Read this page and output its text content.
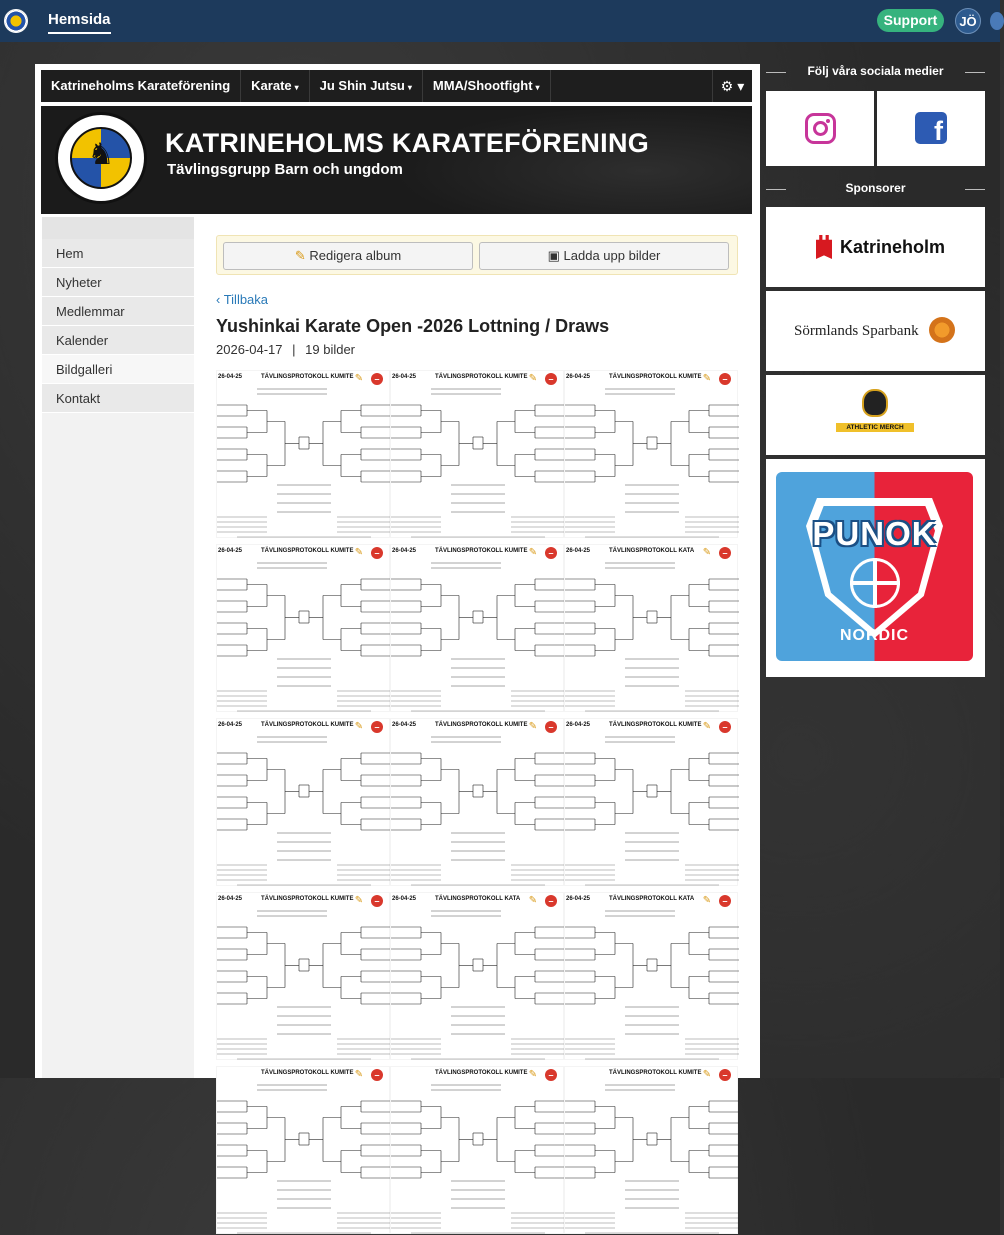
Hemsida	Support	JÖ
Katrineholms Karateförening	Karate ▾	Ju Shin Jutsu ▾	MMA/Shootfight ▾	⚙ ▾
♞ KATRINEHOLMS KARATEFÖRENING
Tävlingsgrupp Barn och ungdom
Hem
Nyheter
Medlemmar
Kalender
Bildgalleri
Kontakt
✎ Redigera album	▣ Ladda upp bilder
‹ Tillbaka
Yushinkai Karate Open -2026 Lottning / Draws
2026-04-17 | 19 bilder
26-04-25	TÄVLINGSPROTOKOLL KUMITE ✎	–	26-04-25	TÄVLINGSPROTOKOLL KUMITE ✎	–	26-04-25	TÄVLINGSPROTOKOLL KUMITE ✎	–
26-04-25	TÄVLINGSPROTOKOLL KUMITE ✎	–	26-04-25	TÄVLINGSPROTOKOLL KUMITE ✎	–	26-04-25	TÄVLINGSPROTOKOLL KATA ✎	–
26-04-25	TÄVLINGSPROTOKOLL KUMITE ✎	–	26-04-25	TÄVLINGSPROTOKOLL KUMITE ✎	–	26-04-25	TÄVLINGSPROTOKOLL KUMITE ✎	–
26-04-25	TÄVLINGSPROTOKOLL KUMITE ✎	–	26-04-25	TÄVLINGSPROTOKOLL KATA ✎	–	26-04-25	TÄVLINGSPROTOKOLL KATA ✎	–
TÄVLINGSPROTOKOLL KUMITE ✎	–	TÄVLINGSPROTOKOLL KUMITE ✎	–	TÄVLINGSPROTOKOLL KUMITE ✎	–
Följ våra sociala medier
f
Sponsorer
Katrineholm
Sörmlands Sparbank
ATHLETIC MERCH
PUNOK
NORDIC
